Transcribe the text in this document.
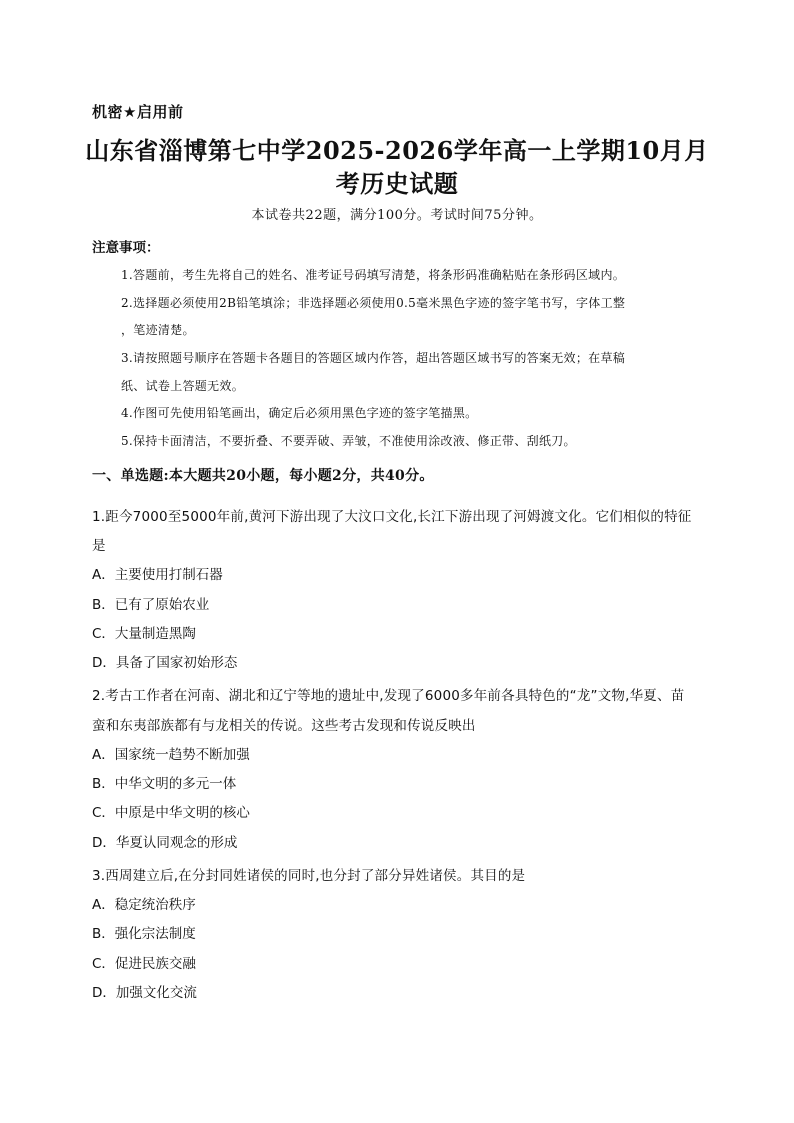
机密★启用前
山东省淄博第七中学2025-2026学年高一上学期10月月
考历史试题
本试卷共22题，满分100分。考试时间75分钟。
注意事项：
1.答题前，考生先将自己的姓名、准考证号码填写清楚，将条形码准确粘贴在条形码区域内。
2.选择题必须使用2B铅笔填涂；非选择题必须使用0.5毫米黑色字迹的签字笔书写，字体工整
，笔迹清楚。
3.请按照题号顺序在答题卡各题目的答题区域内作答，超出答题区域书写的答案无效；在草稿
纸、试卷上答题无效。
4.作图可先使用铅笔画出，确定后必须用黑色字迹的签字笔描黑。
5.保持卡面清洁，不要折叠、不要弄破、弄皱，不准使用涂改液、修正带、刮纸刀。
一、单选题:本大题共20小题，每小题2分，共40分。
1.距今7000至5000年前,黄河下游出现了大汶口文化,长江下游出现了河姆渡文化。它们相似的特征
是
A．主要使用打制石器
B．已有了原始农业
C．大量制造黑陶
D．具备了国家初始形态
2.考古工作者在河南、湖北和辽宁等地的遗址中,发现了6000多年前各具特色的“龙”文物,华夏、苗
蛮和东夷部族都有与龙相关的传说。这些考古发现和传说反映出
A．国家统一趋势不断加强
B．中华文明的多元一体
C．中原是中华文明的核心
D．华夏认同观念的形成
3.西周建立后,在分封同姓诸侯的同时,也分封了部分异姓诸侯。其目的是
A．稳定统治秩序
B．强化宗法制度
C．促进民族交融
D．加强文化交流
